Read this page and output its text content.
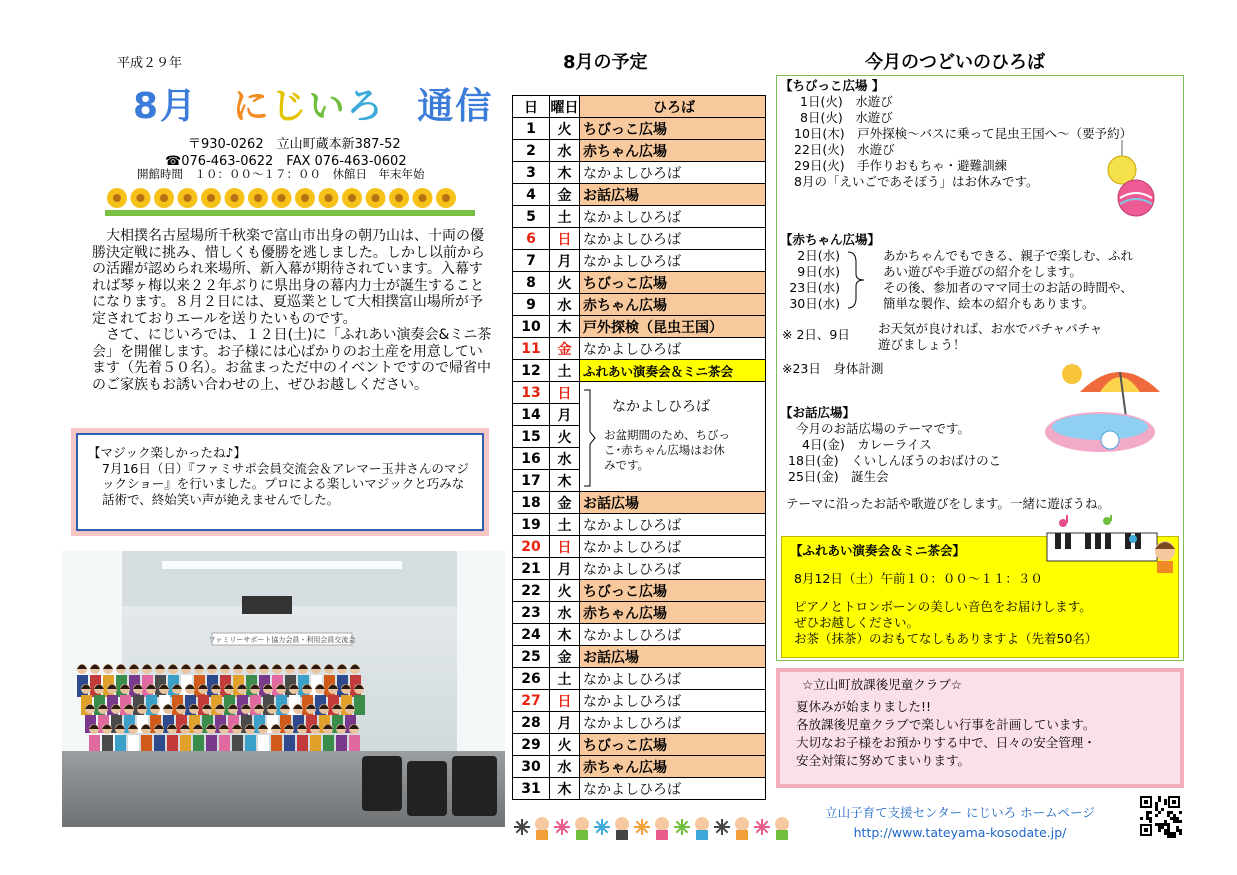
平成２９年
8月 にじいろ 通信
〒930-0262　立山町蔵本新387-52
☎076-463-0622　FAX 076-463-0602
開館時間　１０：００～１７：００　休館日　年末年始

大相撲名古屋場所千秋楽で富山市出身の朝乃山は、十両の優勝決定戦に挑み、惜しくも優勝を逃しました。しかし以前からの活躍が認められ来場所、新入幕が期待されています。入幕すれば琴ヶ梅以来２２年ぶりに県出身の幕内力士が誕生することになります。８月２日には、夏巡業として大相撲富山場所が予定されておりエールを送りたいものです。

さて、にじいろでは、１２日(土)に「ふれあい演奏会&ミニ茶会」を開催します。お子様には心ばかりのお土産を用意しています（先着５０名）。お盆まっただ中のイベントですので帰省中のご家族もお誘い合わせの上、ぜひお越しください。

【マジック楽しかったね♪】
7月16日（日）『ファミサポ会員交流会＆アレマー玉井さんのマジックショー』を行いました。プロによる楽しいマジックと巧みな話術で、終始笑い声が絶えませんでした。
ファミリーサポート協力会員・利用会員交流会
8月の予定
日	曜日	ひろば
1	火	ちびっこ広場
2	水	赤ちゃん広場
3	木	なかよしひろば
4	金	お話広場
5	土	なかよしひろば
6	日	なかよしひろば
7	月	なかよしひろば
8	火	ちびっこ広場
9	水	赤ちゃん広場
10	木	戸外探検（昆虫王国）
11	金	なかよしひろば
12	土	ふれあい演奏会＆ミニ茶会
13	日	なかよしひろば
お盆期間のため、ちびっこ･赤ちゃん広場はお休みです。

14	月	
15	火	
16	水	
17	木	
18	金	お話広場
19	土	なかよしひろば
20	日	なかよしひろば
21	月	なかよしひろば
22	火	ちびっこ広場
23	水	赤ちゃん広場
24	木	なかよしひろば
25	金	お話広場
26	土	なかよしひろば
27	日	なかよしひろば
28	月	なかよしひろば
29	火	ちびっこ広場
30	水	赤ちゃん広場
31	木	なかよしひろば
今月のつどいのひろば
【ちびっこ広場 】
1日(火)　水遊び
8日(火)　水遊び
10日(木)　戸外探検～バスに乗って昆虫王国へ～（要予約）
22日(火)　水遊び
29日(火)　手作りおもちゃ・避難訓練
8月の「えいごであそぼう」はお休みです。
【赤ちゃん広場】
2日(水)
9日(水)
23日(水)
30日(水)
あかちゃんでもできる、親子で楽しむ、ふれ
あい遊びや手遊びの紹介をします。
その後、参加者のママ同士のお話の時間や、
簡単な製作、絵本の紹介もあります。
※ 2日、9日 お天気が良ければ、お水でパチャパチャ
遊びましょう！
※23日　身体計測
【お話広場】
今月のお話広場のテーマです。
4日(金)　カレーライス
18日(金)　くいしんぼうのおばけのこ
25日(金)　誕生会
テーマに沿ったお話や歌遊びをします。一緒に遊ぼうね。
【ふれあい演奏会＆ミニ茶会】
8月12日（土）午前１０：００～１１：３０
ピアノとトロンボーンの美しい音色をお届けします。
ぜひお越しください。
お茶（抹茶）のおもてなしもありますよ（先着50名）
☆立山町放課後児童クラブ☆
夏休みが始まりました!!
各放課後児童クラブで楽しい行事を計画しています。
大切なお子様をお預かりする中で、日々の安全管理・
安全対策に努めてまいります。
立山子育て支援センター にじいろ ホームページ
http://www.tateyama-kosodate.jp/
